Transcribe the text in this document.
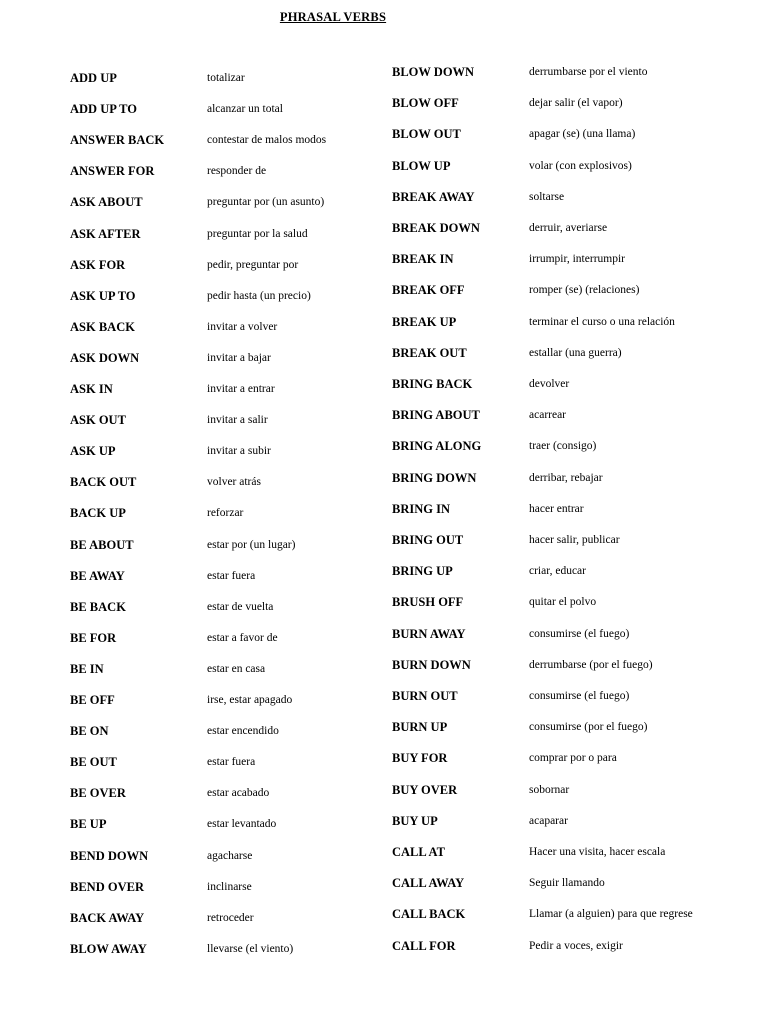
PHRASAL VERBS
ADD UP	totalizar
ADD UP TO	alcanzar un total
ANSWER BACK	contestar de malos modos
ANSWER FOR	responder de
ASK ABOUT	preguntar por (un asunto)
ASK AFTER	preguntar por la salud
ASK FOR	pedir, preguntar por
ASK UP TO	pedir hasta (un precio)
ASK BACK	invitar a volver
ASK DOWN	invitar a bajar
ASK IN	invitar a entrar
ASK OUT	invitar a salir
ASK UP	invitar a subir
BACK OUT	volver atrás
BACK UP	reforzar
BE ABOUT	estar por (un lugar)
BE AWAY	estar fuera
BE BACK	estar de vuelta
BE FOR	estar a favor de
BE IN	estar en casa
BE OFF	irse, estar apagado
BE ON	estar encendido
BE OUT	estar fuera
BE OVER	estar acabado
BE UP	estar levantado
BEND DOWN	agacharse
BEND OVER	inclinarse
BACK AWAY	retroceder
BLOW AWAY	llevarse (el viento)
BLOW DOWN	derrumbarse por el viento
BLOW OFF	dejar salir (el vapor)
BLOW OUT	apagar (se) (una llama)
BLOW UP	volar (con explosivos)
BREAK AWAY	soltarse
BREAK DOWN	derruir, averiarse
BREAK IN	irrumpir, interrumpir
BREAK OFF	romper (se) (relaciones)
BREAK UP	terminar el curso o una relación
BREAK OUT	estallar (una guerra)
BRING BACK	devolver
BRING ABOUT	acarrear
BRING ALONG	traer (consigo)
BRING DOWN	derribar, rebajar
BRING IN	hacer entrar
BRING OUT	hacer salir, publicar
BRING UP	criar, educar
BRUSH OFF	quitar el polvo
BURN AWAY	consumirse (el fuego)
BURN DOWN	derrumbarse (por el fuego)
BURN OUT	consumirse (el fuego)
BURN UP	consumirse (por el fuego)
BUY FOR	comprar por o para
BUY OVER	sobornar
BUY UP	acaparar
CALL AT	Hacer una visita, hacer escala
CALL AWAY	Seguir llamando
CALL BACK	Llamar (a alguien) para que regrese
CALL FOR	Pedir a voces, exigir
